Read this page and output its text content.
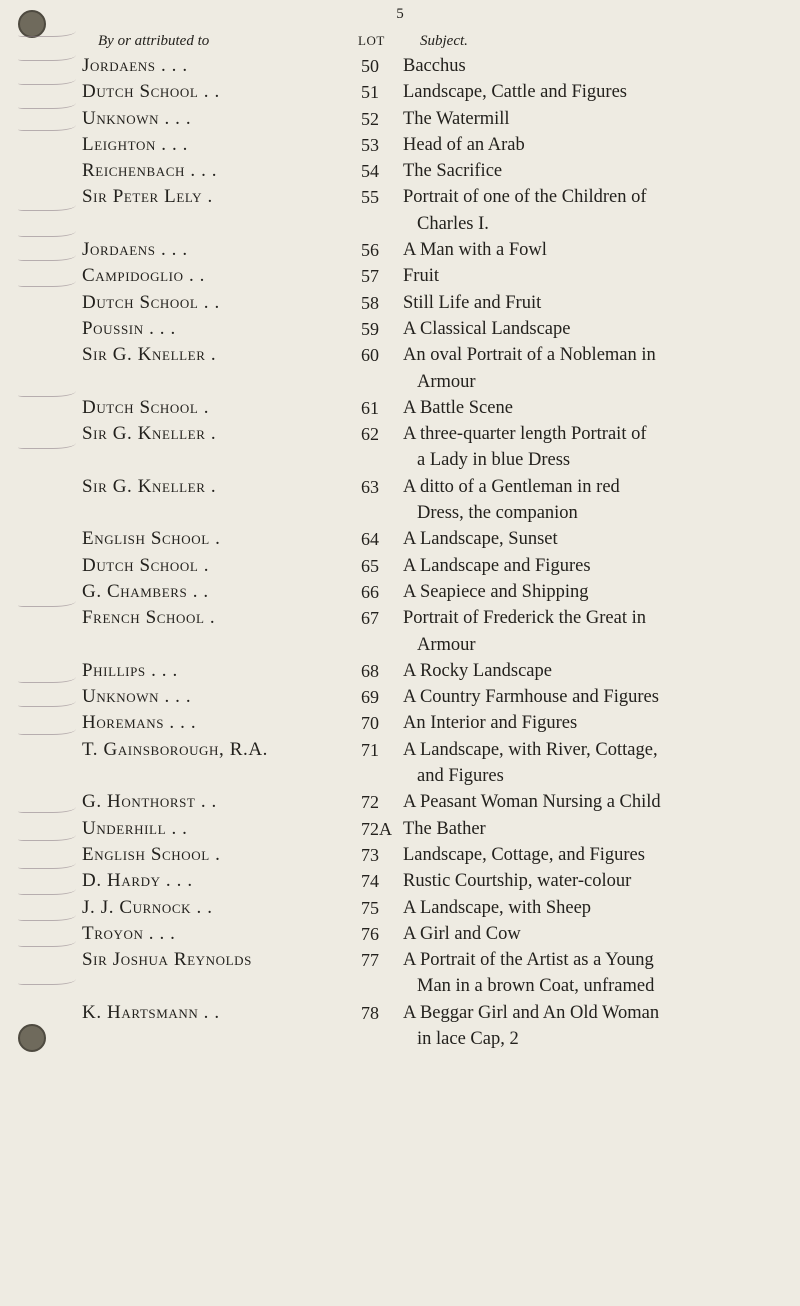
5
By or attributed to	LOT Subject.
Jordaens . . .	50 Bacchus
Dutch School . .	51 Landscape, Cattle and Figures
Unknown . . .	52 The Watermill
Leighton . . .	53 Head of an Arab
Reichenbach . . .	54 The Sacrifice
Sir Peter Lely .	55 Portrait of one of the Children of
Charles I.
Jordaens . . .	56 A Man with a Fowl
Campidoglio . .	57 Fruit
Dutch School . .	58 Still Life and Fruit
Poussin . . .	59 A Classical Landscape
Sir G. Kneller .	60 An oval Portrait of a Nobleman in
Armour
Dutch School .	61 A Battle Scene
Sir G. Kneller .	62 A three-quarter length Portrait of
a Lady in blue Dress
Sir G. Kneller .	63 A ditto of a Gentleman in red
Dress, the companion
English School .	64 A Landscape, Sunset
Dutch School .	65 A Landscape and Figures
G. Chambers . .	66 A Seapiece and Shipping
French School .	67 Portrait of Frederick the Great in
Armour
Phillips . . .	68 A Rocky Landscape
Unknown . . .	69 A Country Farmhouse and Figures
Horemans . . .	70 An Interior and Figures
T. Gainsborough, R.A.	71 A Landscape, with River, Cottage,
and Figures
G. Honthorst . .	72 A Peasant Woman Nursing a Child
Underhill . .	72A The Bather
English School .	73 Landscape, Cottage, and Figures
D. Hardy . . .	74 Rustic Courtship, water-colour
J. J. Curnock . .	75 A Landscape, with Sheep
Troyon . . .	76 A Girl and Cow
Sir Joshua Reynolds	77 A Portrait of the Artist as a Young
Man in a brown Coat, unframed
K. Hartsmann . .	78 A Beggar Girl and An Old Woman
in lace Cap, 2
